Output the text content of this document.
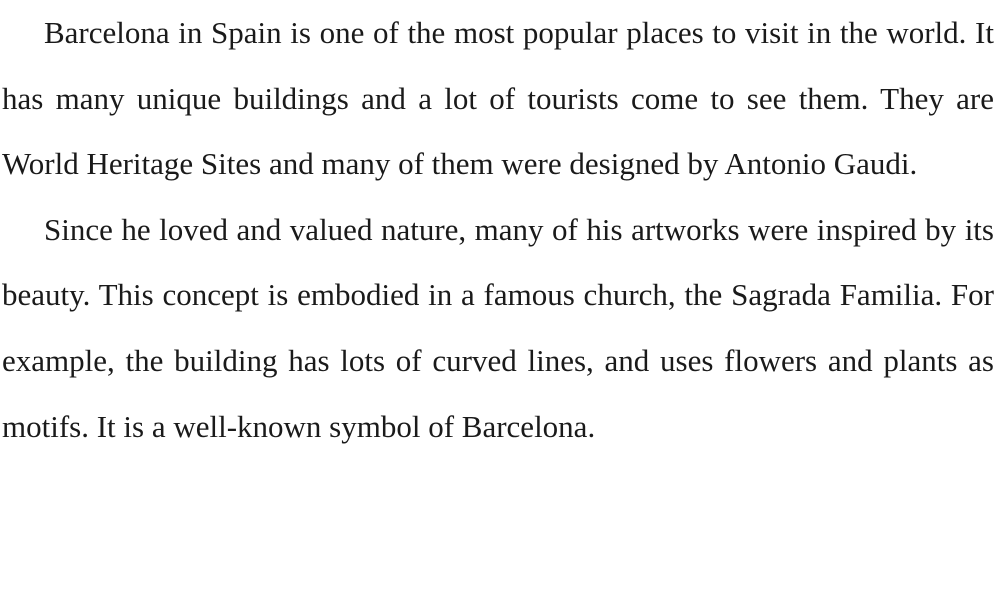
Barcelona in Spain is one of the most popular places to visit in the world. It has many unique buildings and a lot of tourists come to see them. They are World Heritage Sites and many of them were designed by Antonio Gaudi.

Since he loved and valued nature, many of his artworks were inspired by its beauty. This concept is embodied in a famous church, the Sagrada Familia. For example, the building has lots of curved lines, and uses flowers and plants as motifs. It is a well-known symbol of Barcelona.
